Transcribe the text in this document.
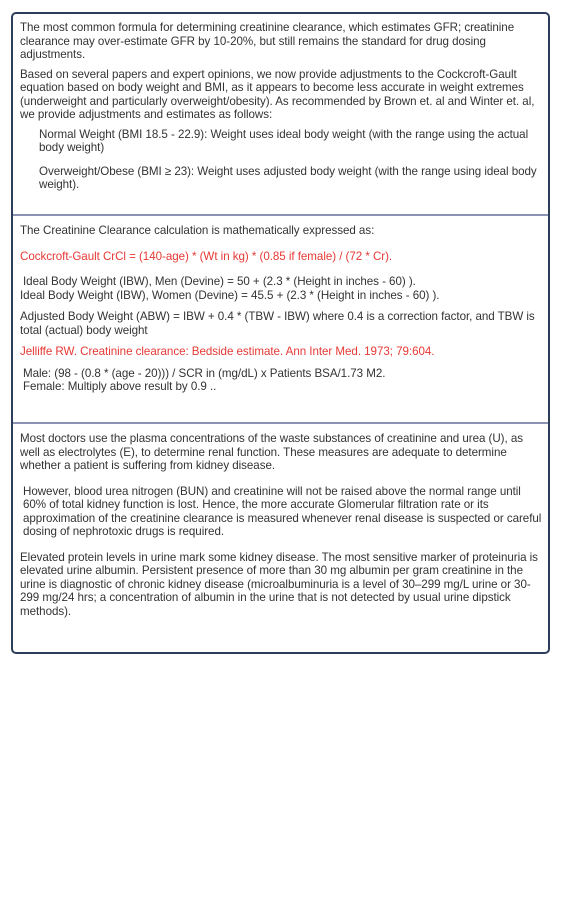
The most common formula for determining creatinine clearance, which estimates GFR; creatinine clearance may over-estimate GFR by 10-20%, but still remains the standard for drug dosing adjustments.

Based on several papers and expert opinions, we now provide adjustments to the Cockcroft-Gault equation based on body weight and BMI, as it appears to become less accurate in weight extremes (underweight and particularly overweight/obesity). As recommended by Brown et. al and Winter et. al, we provide adjustments and estimates as follows:

Normal Weight (BMI 18.5 - 22.9): Weight uses ideal body weight (with the range using the actual body weight)

Overweight/Obese (BMI ≥ 23): Weight uses adjusted body weight (with the range using ideal body weight).

The Creatinine Clearance calculation is mathematically expressed as:

Cockcroft-Gault CrCl = (140-age) * (Wt in kg) * (0.85 if female) / (72 * Cr).

Ideal Body Weight (IBW), Men (Devine) = 50 + (2.3 * (Height in inches - 60) ).

Ideal Body Weight (IBW), Women (Devine) = 45.5 + (2.3 * (Height in inches - 60) ).

Adjusted Body Weight (ABW) = IBW + 0.4 * (TBW - IBW) where 0.4 is a correction factor, and TBW is total (actual) body weight

Jelliffe RW. Creatinine clearance: Bedside estimate. Ann Inter Med. 1973; 79:604.

Male: (98 - (0.8 * (age - 20))) / SCR in (mg/dL) x Patients BSA/1.73 M2.

Female: Multiply above result by 0.9 ..

Most doctors use the plasma concentrations of the waste substances of creatinine and urea (U), as well as electrolytes (E), to determine renal function. These measures are adequate to determine whether a patient is suffering from kidney disease.

However, blood urea nitrogen (BUN) and creatinine will not be raised above the normal range until 60% of total kidney function is lost. Hence, the more accurate Glomerular filtration rate or its approximation of the creatinine clearance is measured whenever renal disease is suspected or careful dosing of nephrotoxic drugs is required.

Elevated protein levels in urine mark some kidney disease. The most sensitive marker of proteinuria is elevated urine albumin. Persistent presence of more than 30 mg albumin per gram creatinine in the urine is diagnostic of chronic kidney disease (microalbuminuria is a level of 30–299 mg/L urine or 30-299 mg/24 hrs; a concentration of albumin in the urine that is not detected by usual urine dipstick methods).
